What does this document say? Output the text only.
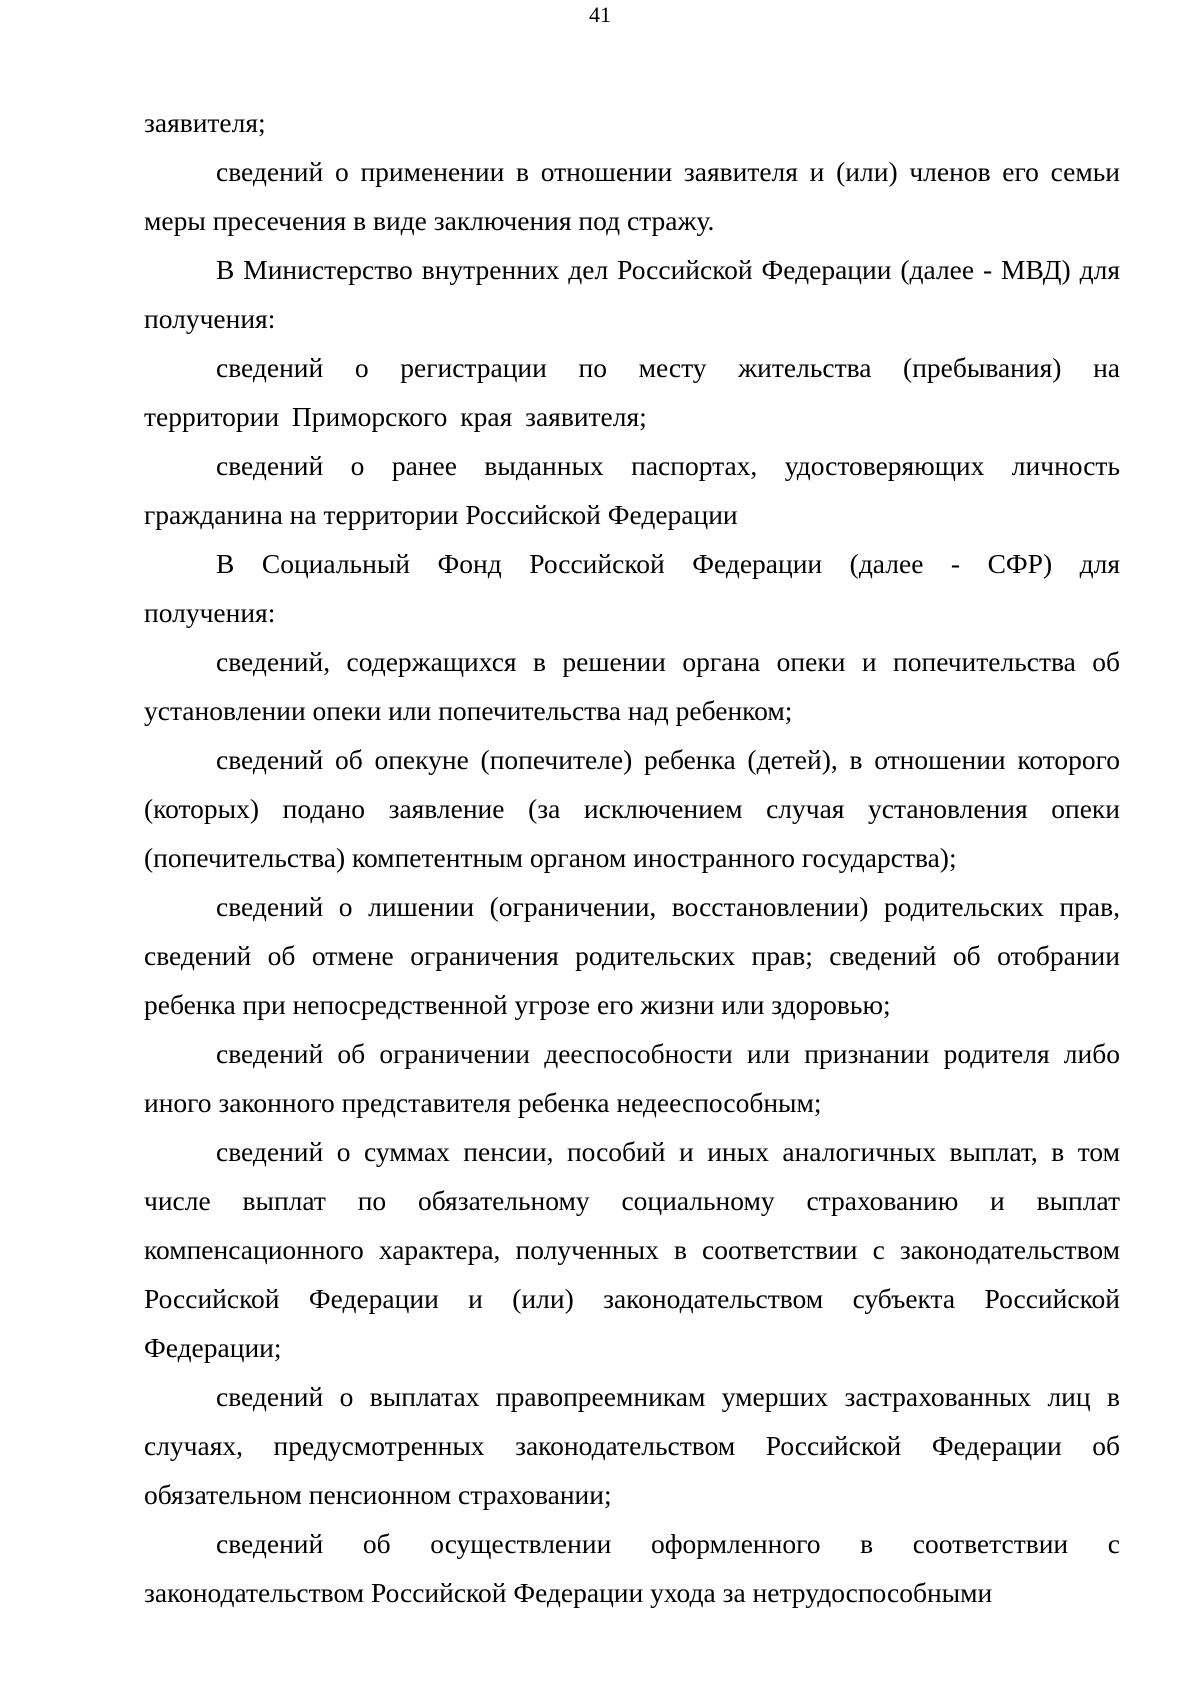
41

заявителя;

сведений о применении в отношении заявителя и (или) членов его семьи меры пресечения в виде заключения под стражу.

В Министерство внутренних дел Российской Федерации (далее - МВД) для получения:

сведений о регистрации по месту жительства (пребывания) на территории Приморского края заявителя;

сведений о ранее выданных паспортах, удостоверяющих личность гражданина на территории Российской Федерации

В Социальный Фонд Российской Федерации (далее - СФР) для получения:

сведений, содержащихся в решении органа опеки и попечительства об установлении опеки или попечительства над ребенком;

сведений об опекуне (попечителе) ребенка (детей), в отношении которого (которых) подано заявление (за исключением случая установления опеки (попечительства) компетентным органом иностранного государства);

сведений о лишении (ограничении, восстановлении) родительских прав, сведений об отмене ограничения родительских прав; сведений об отобрании ребенка при непосредственной угрозе его жизни или здоровью;

сведений об ограничении дееспособности или признании родителя либо иного законного представителя ребенка недееспособным;

сведений о суммах пенсии, пособий и иных аналогичных выплат, в том числе выплат по обязательному социальному страхованию и выплат компенсационного характера, полученных в соответствии с законодательством Российской Федерации и (или) законодательством субъекта Российской Федерации;

сведений о выплатах правопреемникам умерших застрахованных лиц в случаях, предусмотренных законодательством Российской Федерации об обязательном пенсионном страховании;

сведений об осуществлении оформленного в соответствии с законодательством Российской Федерации ухода за нетрудоспособными
